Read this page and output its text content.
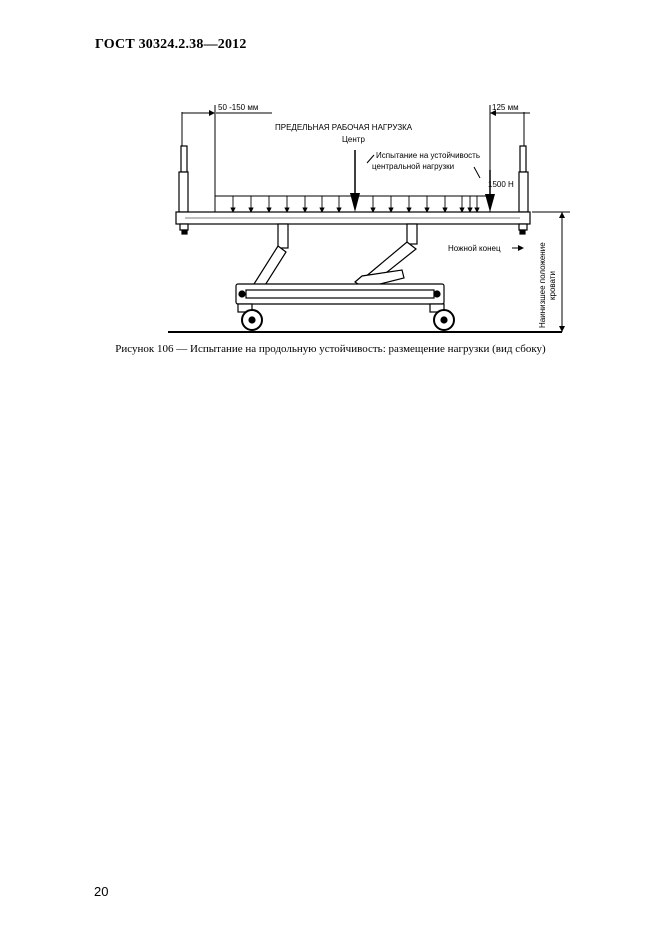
ГОСТ 30324.2.38—2012
50 -150 мм	125 мм
ПРЕДЕЛЬНАЯ РАБОЧАЯ НАГРУЗКА
Центр
Испытание на устойчивость
центральной нагрузки
1500 Н
Ножной конец	Наинизшее положение кровати
Рисунок 106 — Испытание на продольную устойчивость: размещение нагрузки (вид сбоку)
20
